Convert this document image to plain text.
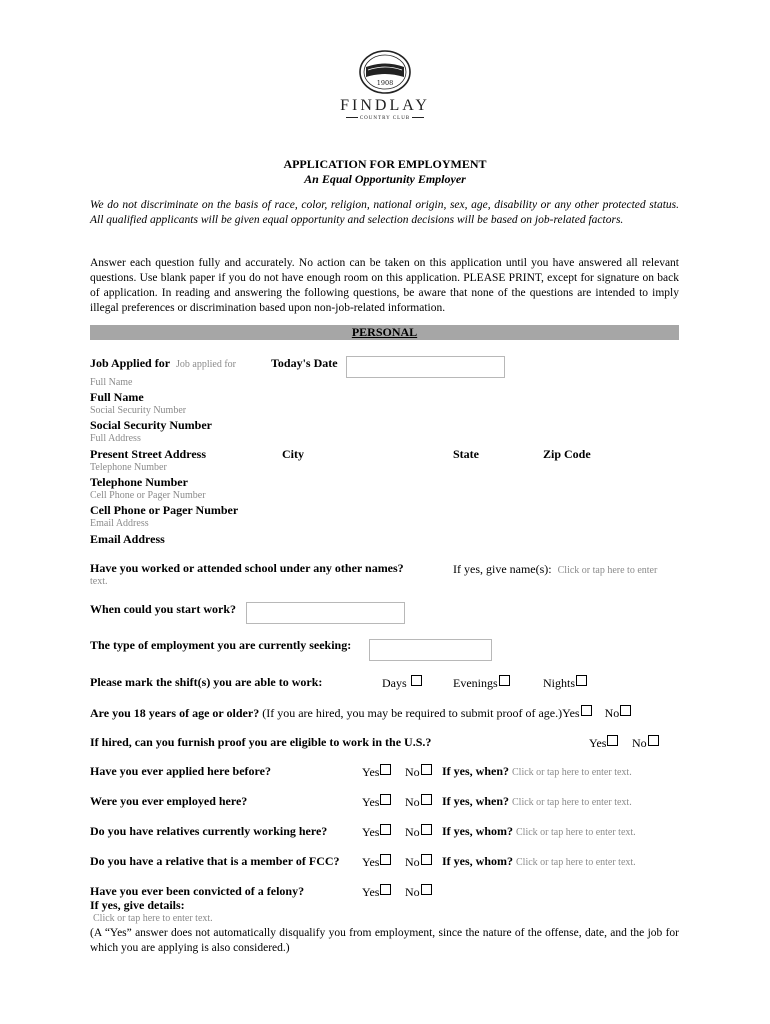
1908
FINDLAY
COUNTRY CLUB
APPLICATION FOR EMPLOYMENT
An Equal Opportunity Employer
We do not discriminate on the basis of race, color, religion, national origin, sex, age, disability or any other protected status. All qualified applicants will be given equal opportunity and selection decisions will be based on job-related factors.
Answer each question fully and accurately. No action can be taken on this application until you have answered all relevant questions. Use blank paper if you do not have enough room on this application. PLEASE PRINT, except for signature on back of application. In reading and answering the following questions, be aware that none of the questions are intended to imply illegal preferences or discrimination based upon non-job-related information.
PERSONAL
Job Applied for Job applied for	Today's Date
Full Name
Full Name
Social Security Number
Social Security Number
Full Address
Present Street Address	City	State	Zip Code
Telephone Number
Telephone Number
Cell Phone or Pager Number
Cell Phone or Pager Number
Email Address
Email Address
Have you worked or attended school under any other names?	If yes, give name(s): Click or tap here to enter
text.
When could you start work?
The type of employment you are currently seeking:
Please mark the shift(s) you are able to work:	Days	Evenings	Nights
Are you 18 years of age or older? (If you are hired, you may be required to submit proof of age.)Yes No
If hired, can you furnish proof you are eligible to work in the U.S.?	Yes	No
Have you ever applied here before?	Yes	No	If yes, when? Click or tap here to enter text.
Were you ever employed here?	Yes	No	If yes, when? Click or tap here to enter text.
Do you have relatives currently working here?	Yes	No	If yes, whom? Click or tap here to enter text.
Do you have a relative that is a member of FCC? Yes	No	If yes, whom? Click or tap here to enter text.
Have you ever been convicted of a felony?	Yes	No
If yes, give details:
Click or tap here to enter text.
(A “Yes” answer does not automatically disqualify you from employment, since the nature of the offense, date, and the job for which you are applying is also considered.)
